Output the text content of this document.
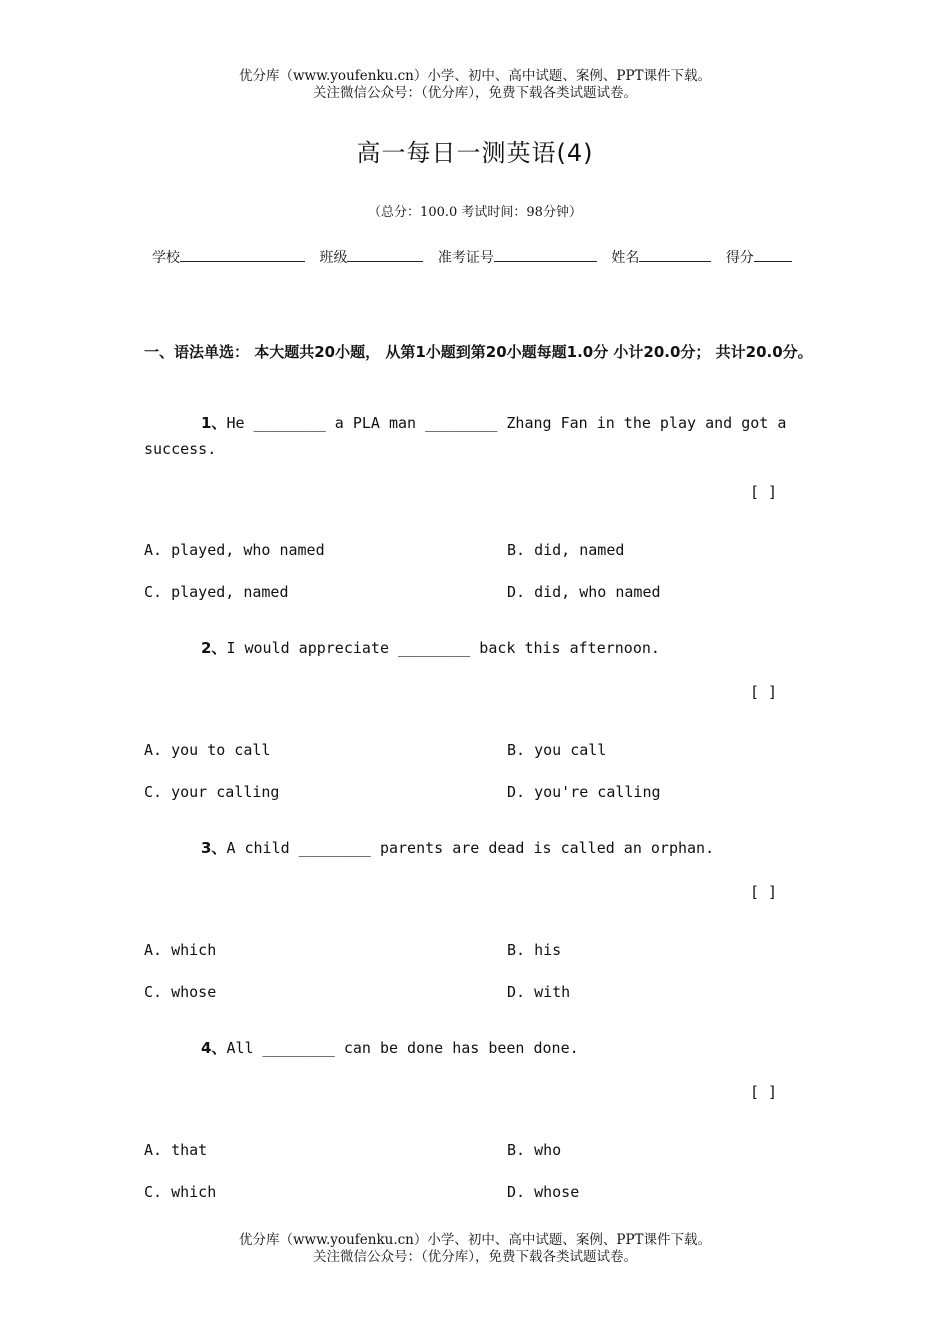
优分库（www.youfenku.cn）小学、初中、高中试题、案例、PPT课件下载。
关注微信公众号：（优分库），免费下载各类试题试卷。
高一每日一测英语(4)
（总分：100.0 考试时间：98分钟）
学校	班级	准考证号	姓名	得分
一、语法单选： 本大题共20小题， 从第1小题到第20小题每题1.0分 小计20.0分； 共计20.0分。
1、He ________ a PLA man ________ Zhang Fan in the play and got a success.
[ ]
A. played, who named	B. did, named
C. played, named	D. did, who named
2、I would appreciate ________ back this afternoon.
[ ]
A. you to call	B. you call
C. your calling	D. you're calling
3、A child ________ parents are dead is called an orphan.
[ ]
A. which	B. his
C. whose	D. with
4、All ________ can be done has been done.
[ ]
A. that	B. who
C. which	D. whose
优分库（www.youfenku.cn）小学、初中、高中试题、案例、PPT课件下载。
关注微信公众号：（优分库），免费下载各类试题试卷。
